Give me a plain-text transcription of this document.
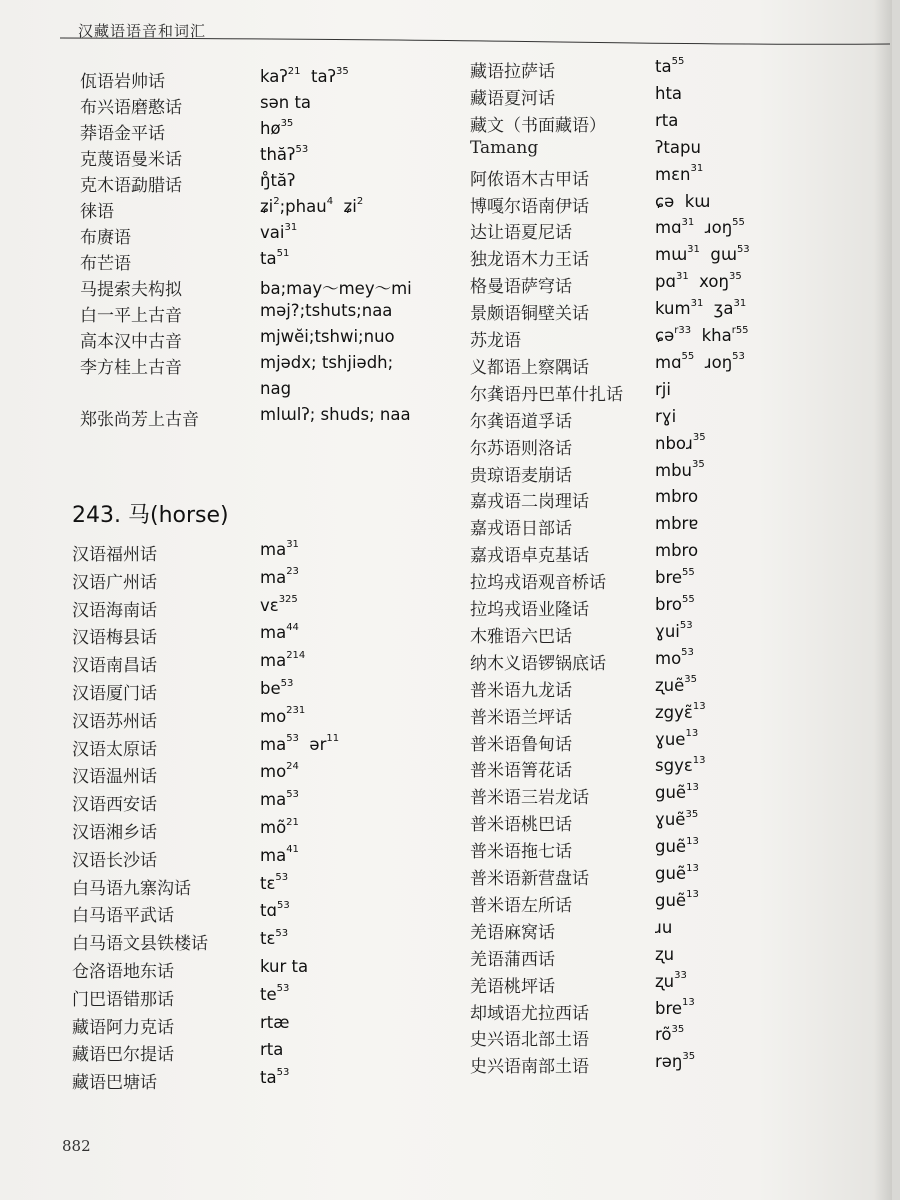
汉藏语语音和词汇
佤语岩帅话	kaʔ$^{21}$  taʔ$^{35}$
布兴语磨憨话	sən ta
莽语金平话	$hø^{35}$
克蔑语曼米话	thăʔ$^{53}$
克木语勐腊话	ŋ̊tăʔ
徕语	ʑi$^2$;phau$^4$  ʑi$^2$
布赓语	vai$^{31}$
布芒语	$ta^{51}$
马提索夫构拟	ba;may～mey～mi
白一平上古音	məj?;tshuts;naa
高本汉中古音	mjwĕi;tshwi;nuo
李方桂上古音	mjədx; tshjiədh;
nag
郑张尚芳上古音	mlɯlʔ; shuds; naa
243. 马(horse)
汉语福州话	$ma^{31}$
汉语广州话	$ma^{23}$
汉语海南话	vɛ$^{325}$
汉语梅县话	$ma^{44}$
汉语南昌话	$ma^{214}$
汉语厦门话	$be^{53}$
汉语苏州话	$mo^{231}$
汉语太原话	$ma^{53}$  ər$^{11}$
汉语温州话	$mo^{24}$
汉语西安话	$ma^{53}$
汉语湘乡话	$mõ^{21}$
汉语长沙话	$ma^{41}$
白马语九寨沟话	tɛ$^{53}$
白马语平武话	tɑ$^{53}$
白马语文县铁楼话	tɛ$^{53}$
仓洛语地东话	kur ta
门巴语错那话	$te^{53}$
藏语阿力克话	rtæ
藏语巴尔提话	rta
藏语巴塘话	$ta^{53}$
藏语拉萨话	$ta^{55}$
藏语夏河话	hta
藏文（书面藏语）	rta
Tamang	ʔtapu
阿侬语木古甲话	mɛn$^{31}$
博嘎尔语南伊话	ɕə  kɯ
达让语夏尼话	mɑ$^{31}$  ɹoŋ$^{55}$
独龙语木力王话	mɯ$^{31}$  gɯ$^{53}$
格曼语萨穹话	pɑ$^{31}$  xoŋ$^{35}$
景颇语铜壁关话	kum$^{31}$  ʒa$^{31}$
苏龙语	ɕə$^{r33}$  kha$^{r55}$
义都语上察隅话	mɑ$^{55}$  ɹoŋ$^{53}$
尔龚语丹巴革什扎话 rji
尔龚语道孚话	rɣi
尔苏语则洛话	nboɹ$^{35}$
贵琼语麦崩话	mbu$^{35}$
嘉戎语二岗理话	mbro
嘉戎语日部话	mbrɐ
嘉戎语卓克基话	mbro
拉坞戎语观音桥话	bre$^{55}$
拉坞戎语业隆话	bro$^{55}$
木雅语六巴话	ɣui$^{53}$
纳木义语锣锅底话	$mo^{53}$
普米语九龙话	ʐuẽ$^{35}$
普米语兰坪话	zgyɛ̃$^{13}$
普米语鲁甸话	ɣue$^{13}$
普米语箐花话	sgyɛ$^{13}$
普米语三岩龙话	guẽ$^{13}$
普米语桃巴话	ɣuẽ$^{35}$
普米语拖七话	guẽ$^{13}$
普米语新营盘话	guẽ$^{13}$
普米语左所话	guẽ$^{13}$
羌语麻窝话	ɹu
羌语蒲西话	ʐu
羌语桃坪话	ʐu$^{33}$
却域语尤拉西话	bre$^{13}$
史兴语北部土语	$rõ^{35}$
史兴语南部土语	rəŋ$^{35}$
882
